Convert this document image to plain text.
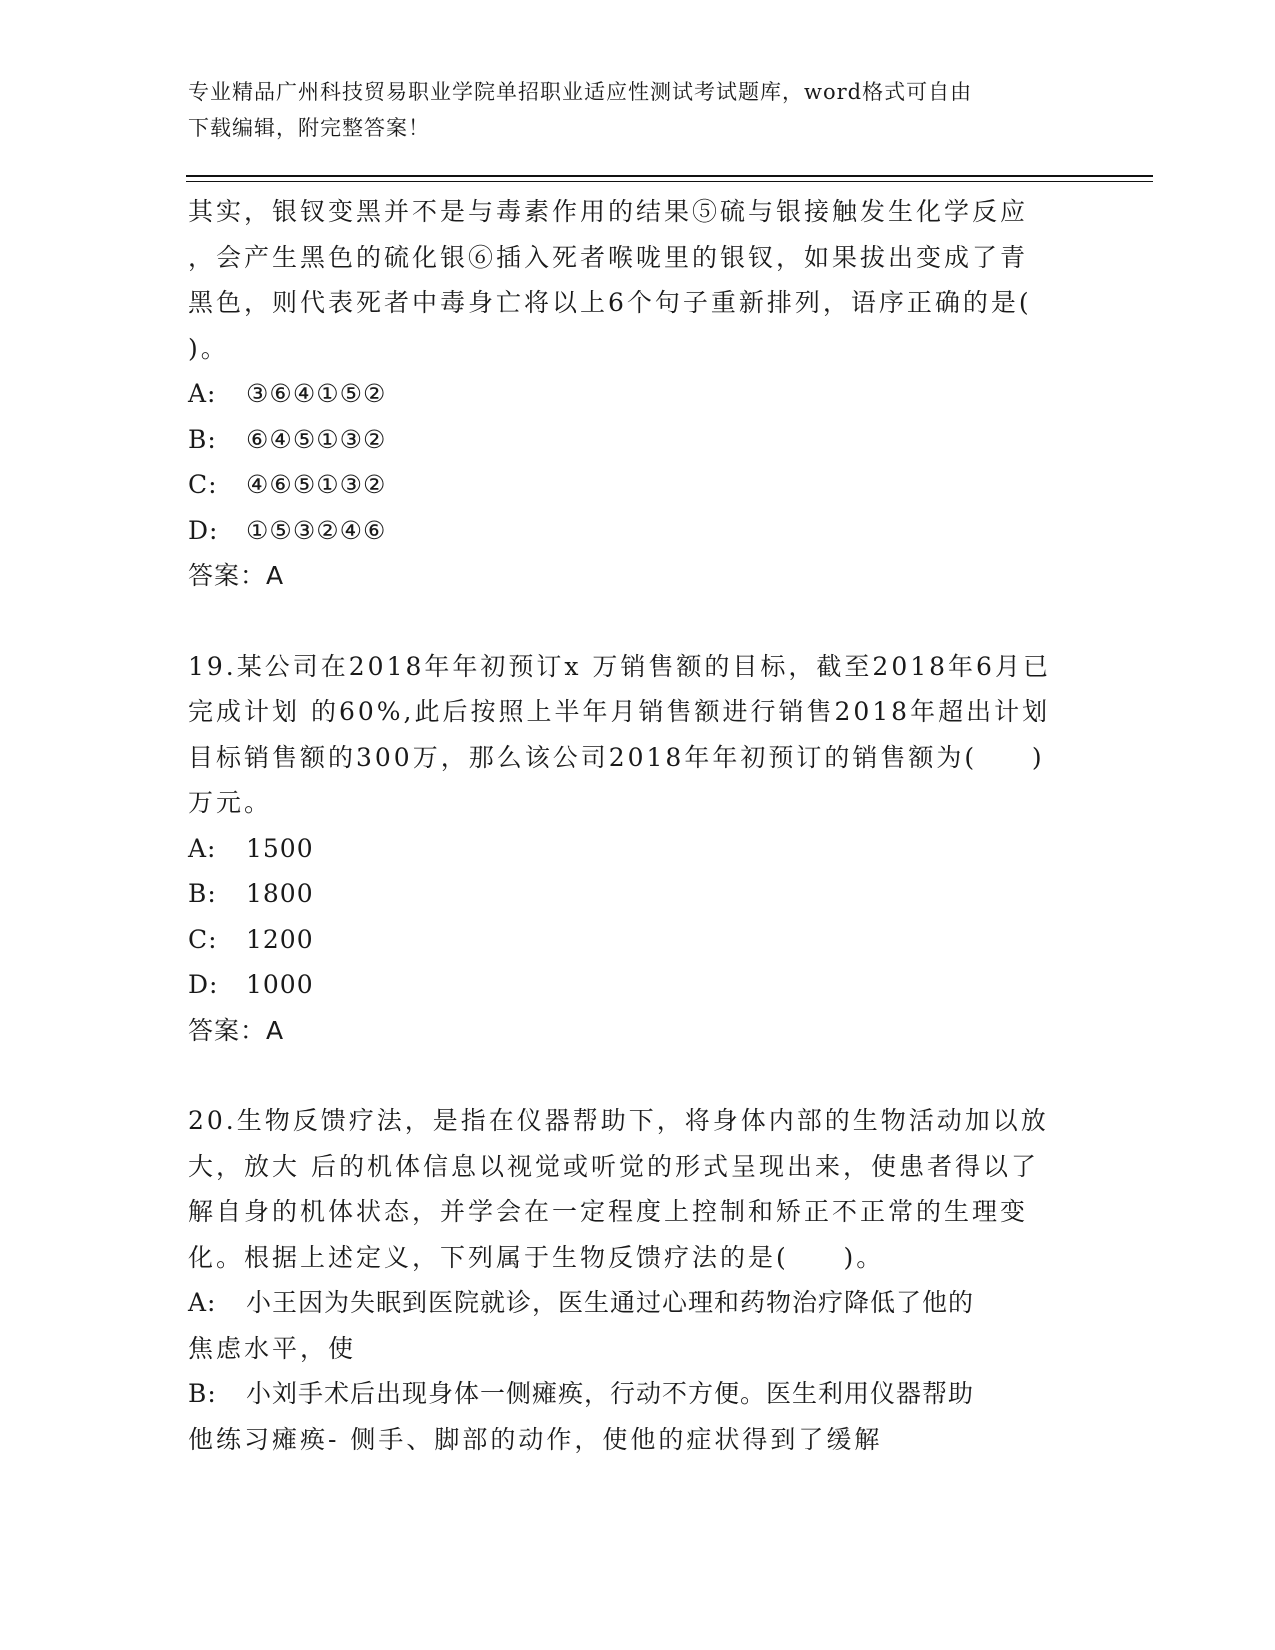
专业精品广州科技贸易职业学院单招职业适应性测试考试题库，word格式可自由
下载编辑，附完整答案！
其实，银钗变黑并不是与毒素作用的结果⑤硫与银接触发生化学反应
，会产生黑色的硫化银⑥插入死者喉咙里的银钗，如果拔出变成了青
黑色，则代表死者中毒身亡将以上6个句子重新排列，语序正确的是(
)。
A: ③⑥④①⑤②
B: ⑥④⑤①③②
C: ④⑥⑤①③②
D: ①⑤③②④⑥
答案：A
19.某公司在2018年年初预订x 万销售额的目标，截至2018年6月已
完成计划 的60%,此后按照上半年月销售额进行销售2018年超出计划
目标销售额的300万，那么该公司2018年年初预订的销售额为(     )
万元。
A: 1500
B: 1800
C: 1200
D: 1000
答案：A
20.生物反馈疗法，是指在仪器帮助下，将身体内部的生物活动加以放
大，放大 后的机体信息以视觉或听觉的形式呈现出来，使患者得以了
解自身的机体状态，并学会在一定程度上控制和矫正不正常的生理变
化。根据上述定义，下列属于生物反馈疗法的是(     )。
A: 小王因为失眠到医院就诊，医生通过心理和药物治疗降低了他的
焦虑水平，使
B: 小刘手术后出现身体一侧瘫痪，行动不方便。医生利用仪器帮助
他练习瘫痪- 侧手、脚部的动作，使他的症状得到了缓解
